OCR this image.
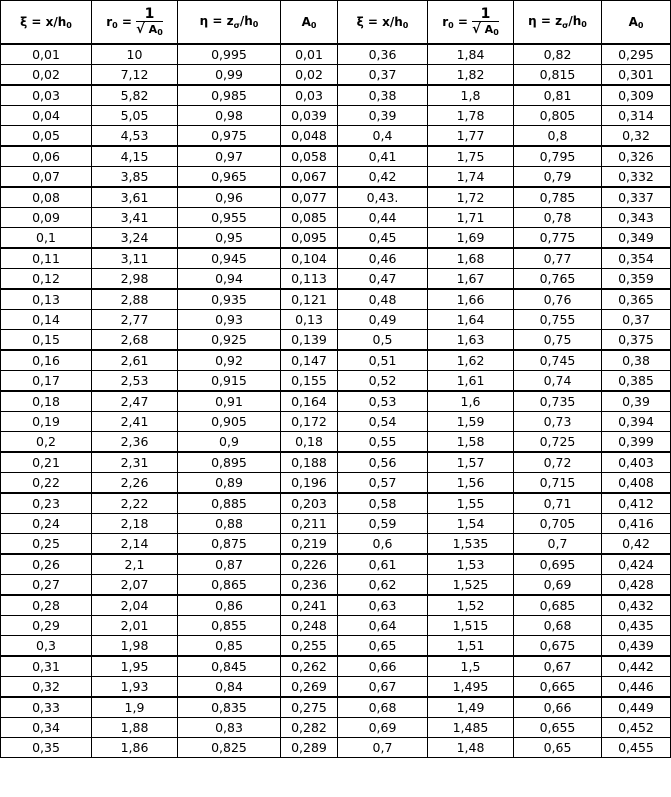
$\xi = x/h_0$	$r_0 = \frac{1}{√ A_0}$	$\eta = z_\sigma/h_0$	$A_0$	$\xi = x/h_0$	$r_0 = \frac{1}{√ A_0}$	$\eta = z_\sigma/h_0$	$A_0$
0,01	10	0,995	0,01	0,36	1,84	0,82	0,295
0,02	7,12	0,99	0,02	0,37	1,82	0,815	0,301
0,03	5,82	0,985	0,03	0,38	1,8	0,81	0,309
0,04	5,05	0,98	0,039	0,39	1,78	0,805	0,314
0,05	4,53	0,975	0,048	0,4	1,77	0,8	0,32
0,06	4,15	0,97	0,058	0,41	1,75	0,795	0,326
0,07	3,85	0,965	0,067	0,42	1,74	0,79	0,332
0,08	3,61	0,96	0,077	0,43.	1,72	0,785	0,337
0,09	3,41	0,955	0,085	0,44	1,71	0,78	0,343
0,1	3,24	0,95	0,095	0,45	1,69	0,775	0,349
0,11	3,11	0,945	0,104	0,46	1,68	0,77	0,354
0,12	2,98	0,94	0,113	0,47	1,67	0,765	0,359
0,13	2,88	0,935	0,121	0,48	1,66	0,76	0,365
0,14	2,77	0,93	0,13	0,49	1,64	0,755	0,37
0,15	2,68	0,925	0,139	0,5	1,63	0,75	0,375
0,16	2,61	0,92	0,147	0,51	1,62	0,745	0,38
0,17	2,53	0,915	0,155	0,52	1,61	0,74	0,385
0,18	2,47	0,91	0,164	0,53	1,6	0,735	0,39
0,19	2,41	0,905	0,172	0,54	1,59	0,73	0,394
0,2	2,36	0,9	0,18	0,55	1,58	0,725	0,399
0,21	2,31	0,895	0,188	0,56	1,57	0,72	0,403
0,22	2,26	0,89	0,196	0,57	1,56	0,715	0,408
0,23	2,22	0,885	0,203	0,58	1,55	0,71	0,412
0,24	2,18	0,88	0,211	0,59	1,54	0,705	0,416
0,25	2,14	0,875	0,219	0,6	1,535	0,7	0,42
0,26	2,1	0,87	0,226	0,61	1,53	0,695	0,424
0,27	2,07	0,865	0,236	0,62	1,525	0,69	0,428
0,28	2,04	0,86	0,241	0,63	1,52	0,685	0,432
0,29	2,01	0,855	0,248	0,64	1,515	0,68	0,435
0,3	1,98	0,85	0,255	0,65	1,51	0,675	0,439
0,31	1,95	0,845	0,262	0,66	1,5	0,67	0,442
0,32	1,93	0,84	0,269	0,67	1,495	0,665	0,446
0,33	1,9	0,835	0,275	0,68	1,49	0,66	0,449
0,34	1,88	0,83	0,282	0,69	1,485	0,655	0,452
0,35	1,86	0,825	0,289	0,7	1,48	0,65	0,455
